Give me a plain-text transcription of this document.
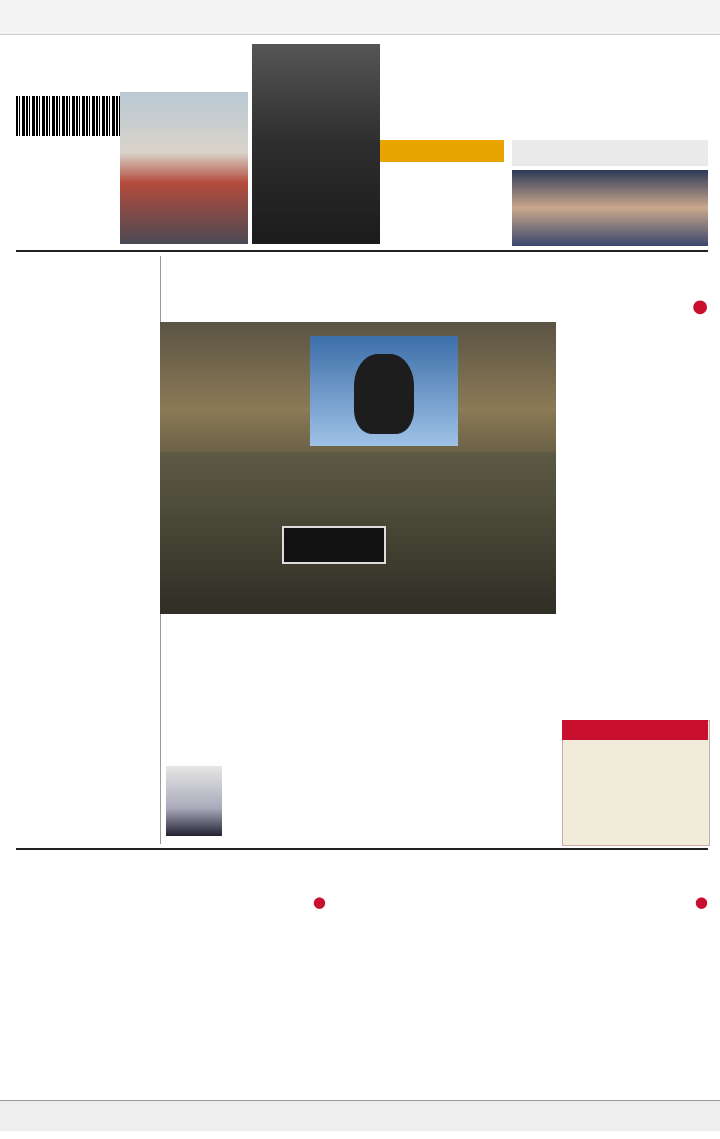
●
●
●
